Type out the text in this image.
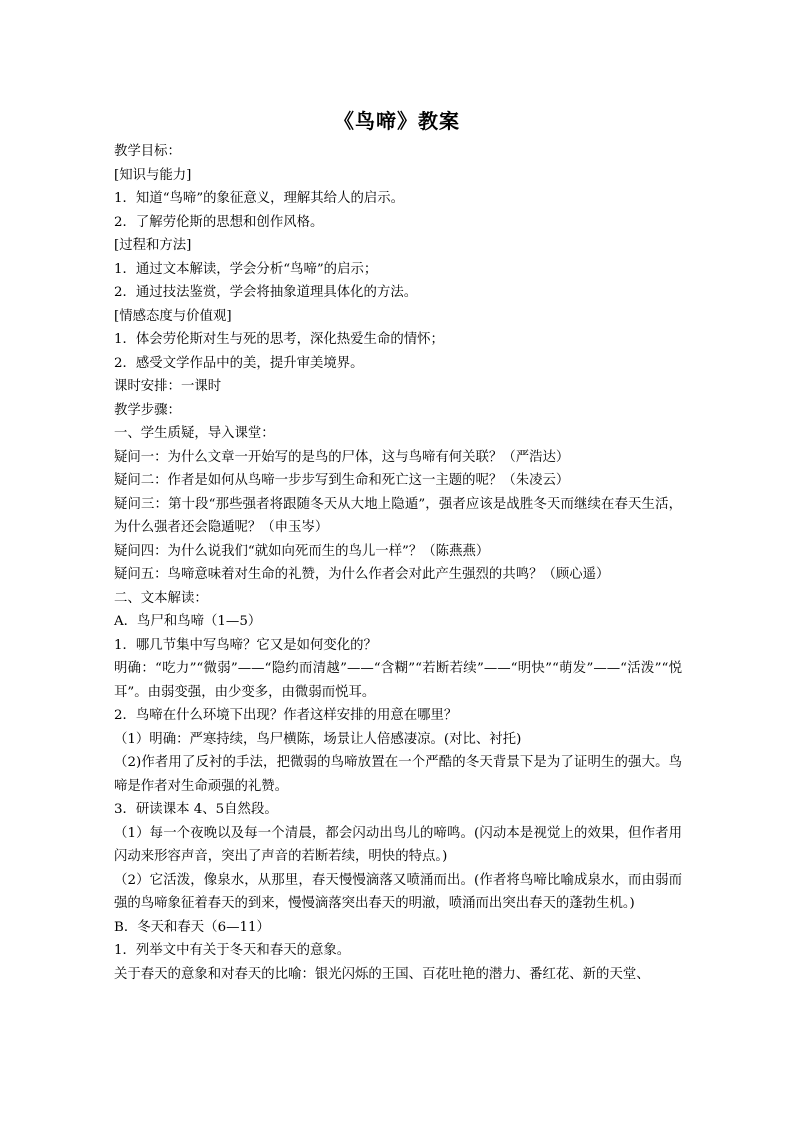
《鸟啼》教案

教学目标：

[知识与能力]

1．知道“鸟啼”的象征意义，理解其给人的启示。

2．了解劳伦斯的思想和创作风格。

[过程和方法]

1．通过文本解读，学会分析“鸟啼”的启示；

2．通过技法鉴赏，学会将抽象道理具体化的方法。

[情感态度与价值观]

1．体会劳伦斯对生与死的思考，深化热爱生命的情怀；

2．感受文学作品中的美，提升审美境界。

课时安排：一课时

教学步骤：

一、学生质疑，导入课堂：

疑问一：为什么文章一开始写的是鸟的尸体，这与鸟啼有何关联？（严浩达）

疑问二：作者是如何从鸟啼一步步写到生命和死亡这一主题的呢？（朱凌云）

疑问三：第十段“那些强者将跟随冬天从大地上隐遁”，强者应该是战胜冬天而继续在春天生活，为什么强者还会隐遁呢？（申玉岑）

疑问四：为什么说我们“就如向死而生的鸟儿一样”？（陈燕燕）

疑问五：鸟啼意味着对生命的礼赞，为什么作者会对此产生强烈的共鸣？（顾心遥）

二、文本解读：

A．鸟尸和鸟啼（1—5）

1．哪几节集中写鸟啼？它又是如何变化的？

明确：“吃力”“微弱”——“隐约而清越”——“含糊”“若断若续”——“明快”“萌发”——“活泼”“悦耳”。由弱变强，由少变多，由微弱而悦耳。

2．鸟啼在什么环境下出现？作者这样安排的用意在哪里？

（1）明确：严寒持续，鸟尸横陈，场景让人倍感凄凉。(对比、衬托)

（2)作者用了反衬的手法，把微弱的鸟啼放置在一个严酷的冬天背景下是为了证明生的强大。鸟啼是作者对生命顽强的礼赞。

3．研读课本 4、5自然段。

（1）每一个夜晚以及每一个清晨，都会闪动出鸟儿的啼鸣。(闪动本是视觉上的效果，但作者用闪动来形容声音，突出了声音的若断若续，明快的特点。)

（2）它活泼，像泉水，从那里，春天慢慢滴落又喷涌而出。(作者将鸟啼比喻成泉水，而由弱而强的鸟啼象征着春天的到来，慢慢滴落突出春天的明澈，喷涌而出突出春天的蓬勃生机。)

B．冬天和春天（6—11）

1．列举文中有关于冬天和春天的意象。

关于春天的意象和对春天的比喻：银光闪烁的王国、百花吐艳的潜力、番红花、新的天堂、
